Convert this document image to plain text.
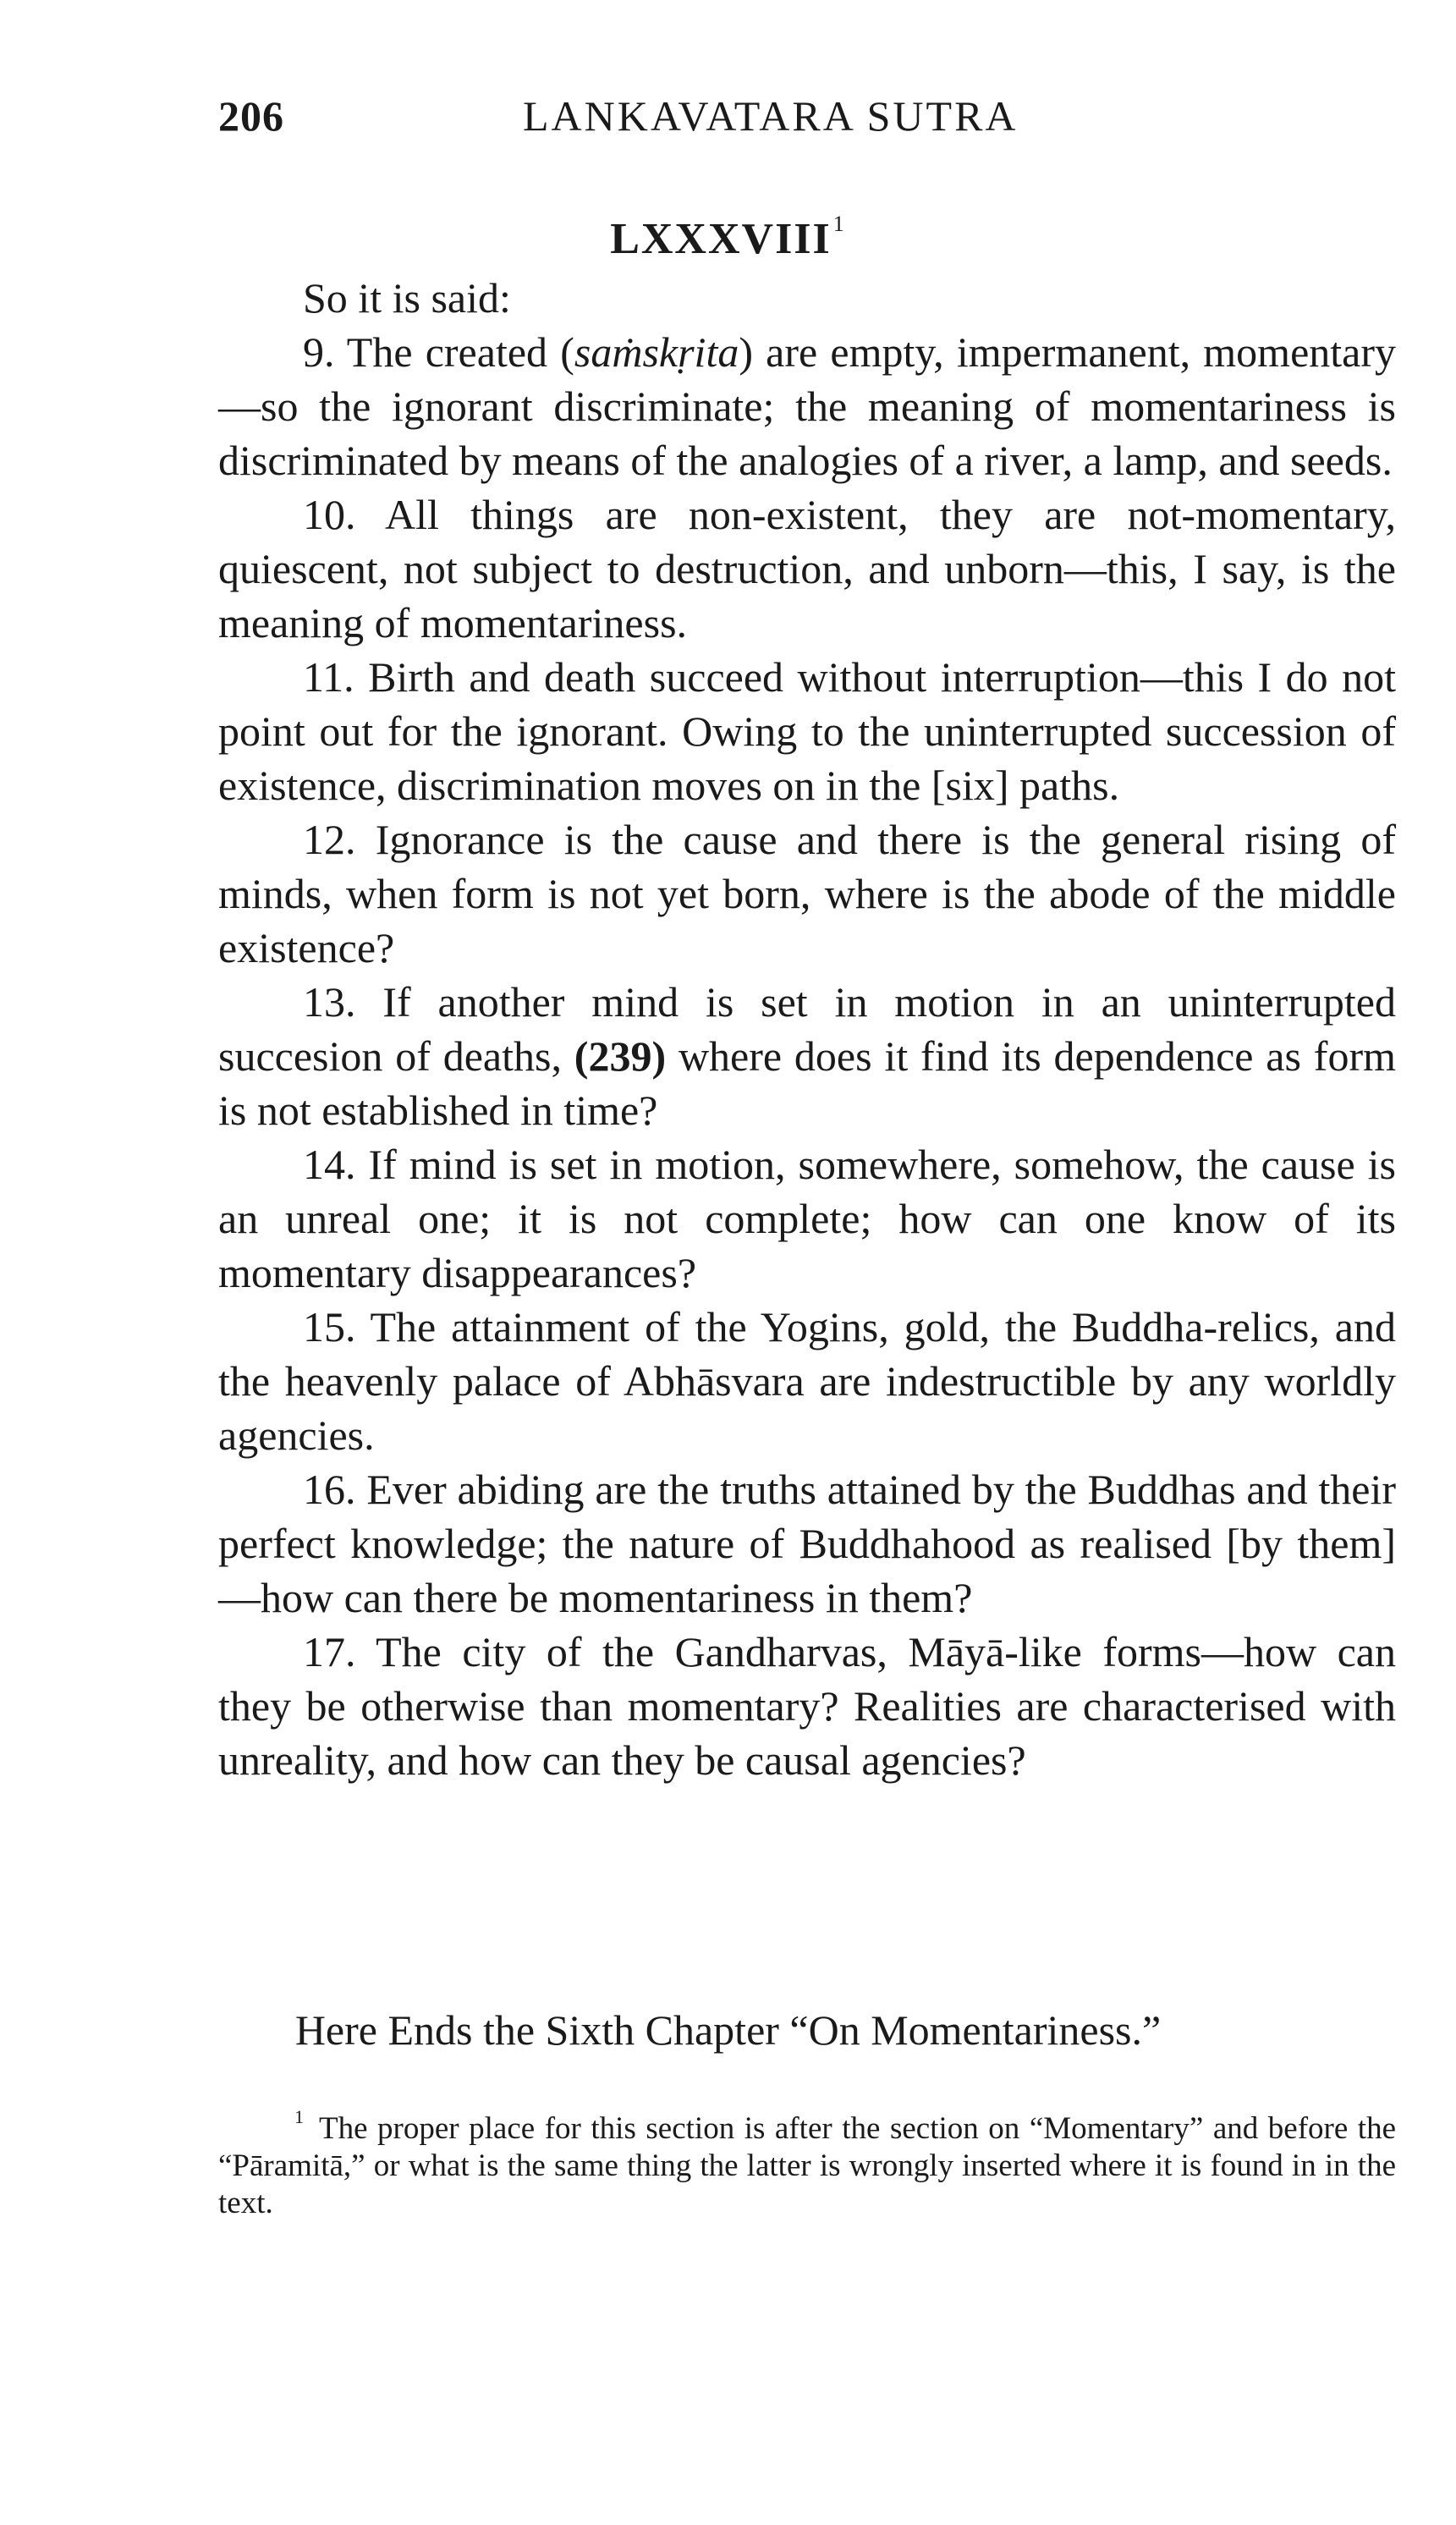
206	LANKAVATARA SUTRA
LXXXVIII$^1$

So it is said:

9. The created (saṁskṛita) are empty, impermanent, momentary—so the ignorant discriminate; the meaning of momentariness is discriminated by means of the analogies of a river, a lamp, and seeds.

10. All things are non-existent, they are not-momentary, quiescent, not subject to destruction, and unborn—this, I say, is the meaning of momentariness.

11. Birth and death succeed without interruption—this I do not point out for the ignorant. Owing to the uninterrupted succession of existence, discrimination moves on in the [six] paths.

12. Ignorance is the cause and there is the general rising of minds, when form is not yet born, where is the abode of the middle existence?

13. If another mind is set in motion in an uninterrupted succesion of deaths, (239) where does it find its dependence as form is not established in time?

14. If mind is set in motion, somewhere, somehow, the cause is an unreal one; it is not complete; how can one know of its momentary disappearances?

15. The attainment of the Yogins, gold, the Buddha-relics, and the heavenly palace of Abhāsvara are indestructible by any worldly agencies.

16. Ever abiding are the truths attained by the Buddhas and their perfect knowledge; the nature of Buddhahood as realised [by them]—how can there be momentariness in them?

17. The city of the Gandharvas, Māyā-like forms—how can they be otherwise than momentary? Realities are characterised with unreality, and how can they be causal agencies?

Here Ends the Sixth Chapter “On Momentariness.”

$^1$ The proper place for this section is after the section on “Momentary” and before the “Pāramitā,” or what is the same thing the latter is wrongly inserted where it is found in in the text.
